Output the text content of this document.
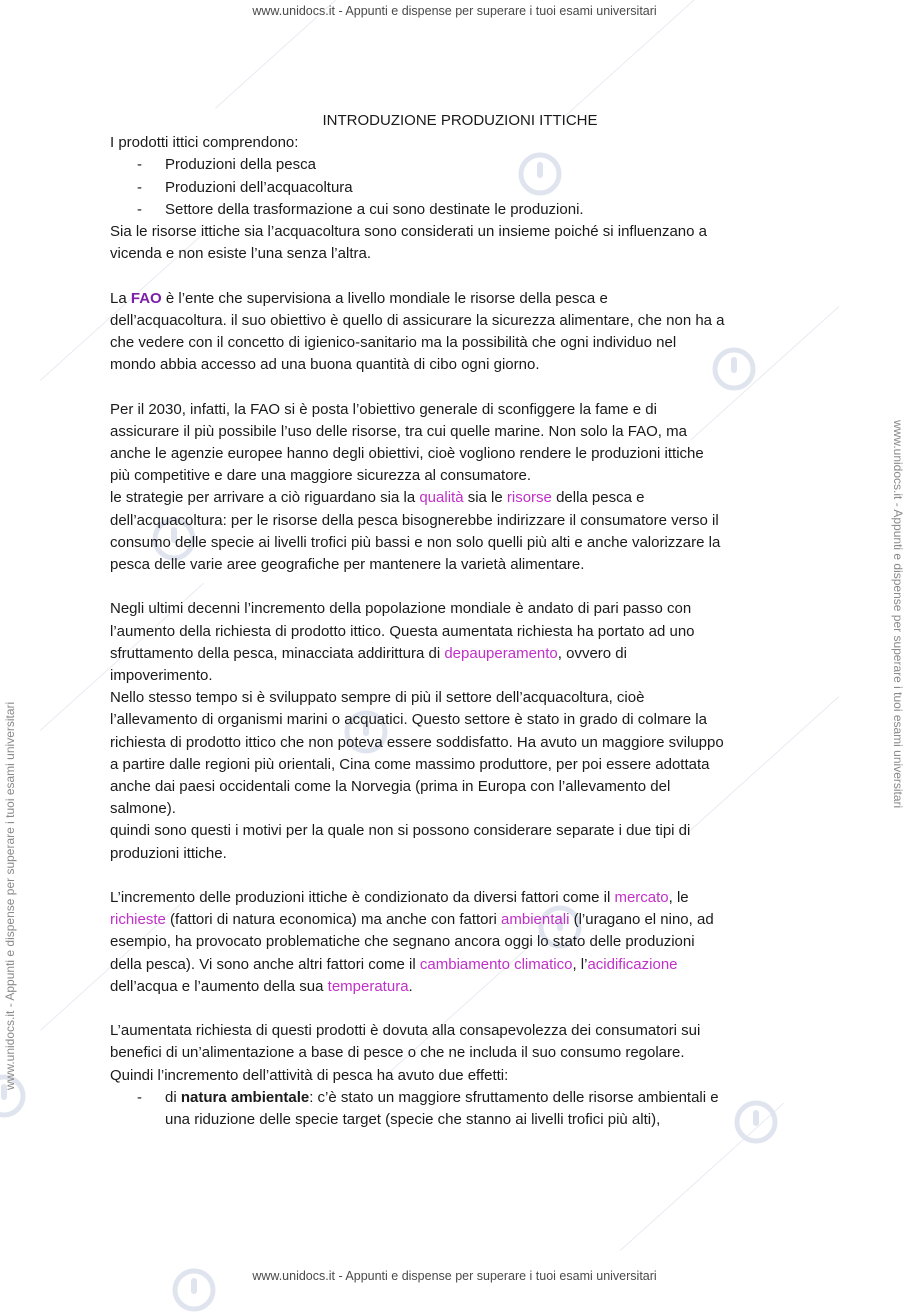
www.unidocs.it - Appunti e dispense per superare i tuoi esami universitari
www.unidocs.it - Appunti e dispense per superare i tuoi esami universitari
www.unidocs.it - Appunti e dispense per superare i tuoi esami universitari
www.unidocs.it - Appunti e dispense per superare i tuoi esami universitari

INTRODUZIONE PRODUZIONI ITTICHE

I prodotti ittici comprendono:

- Produzioni della pesca
- Produzioni dell’acquacoltura
- Settore della trasformazione a cui sono destinate le produzioni.

Sia le risorse ittiche sia l’acquacoltura sono considerati un insieme poiché si influenzano a

vicenda e non esiste l’una senza l’altra.

La FAO è l’ente che supervisiona a livello mondiale le risorse della pesca e

dell’acquacoltura. il suo obiettivo è quello di assicurare la sicurezza alimentare, che non ha a

che vedere con il concetto di igienico-sanitario ma la possibilità che ogni individuo nel

mondo abbia accesso ad una buona quantità di cibo ogni giorno.

Per il 2030, infatti, la FAO si è posta l’obiettivo generale di sconfiggere la fame e di

assicurare il più possibile l’uso delle risorse, tra cui quelle marine. Non solo la FAO, ma

anche le agenzie europee hanno degli obiettivi, cioè vogliono rendere le produzioni ittiche

più competitive e dare una maggiore sicurezza al consumatore.

le strategie per arrivare a ciò riguardano sia la qualità sia le risorse della pesca e

dell’acquacoltura: per le risorse della pesca bisognerebbe indirizzare il consumatore verso il

consumo delle specie ai livelli trofici più bassi e non solo quelli più alti e anche valorizzare la

pesca delle varie aree geografiche per mantenere la varietà alimentare.

Negli ultimi decenni l’incremento della popolazione mondiale è andato di pari passo con

l’aumento della richiesta di prodotto ittico. Questa aumentata richiesta ha portato ad uno

sfruttamento della pesca, minacciata addirittura di depauperamento, ovvero di

impoverimento.

Nello stesso tempo si è sviluppato sempre di più il settore dell’acquacoltura, cioè

l’allevamento di organismi marini o acquatici. Questo settore è stato in grado di colmare la

richiesta di prodotto ittico che non poteva essere soddisfatto. Ha avuto un maggiore sviluppo

a partire dalle regioni più orientali, Cina come massimo produttore, per poi essere adottata

anche dai paesi occidentali come la Norvegia (prima in Europa con l’allevamento del

salmone).

quindi sono questi i motivi per la quale non si possono considerare separate i due tipi di

produzioni ittiche.

L’incremento delle produzioni ittiche è condizionato da diversi fattori come il mercato, le

richieste (fattori di natura economica) ma anche con fattori ambientali (l’uragano el nino, ad

esempio, ha provocato problematiche che segnano ancora oggi lo stato delle produzioni

della pesca). Vi sono anche altri fattori come il cambiamento climatico, l’acidificazione

dell’acqua e l’aumento della sua temperatura.

L’aumentata richiesta di questi prodotti è dovuta alla consapevolezza dei consumatori sui

benefici di un’alimentazione a base di pesce o che ne includa il suo consumo regolare.

Quindi l’incremento dell’attività di pesca ha avuto due effetti:

- di natura ambientale: c’è stato un maggiore sfruttamento delle risorse ambientali e
una riduzione delle specie target (specie che stanno ai livelli trofici più alti),
